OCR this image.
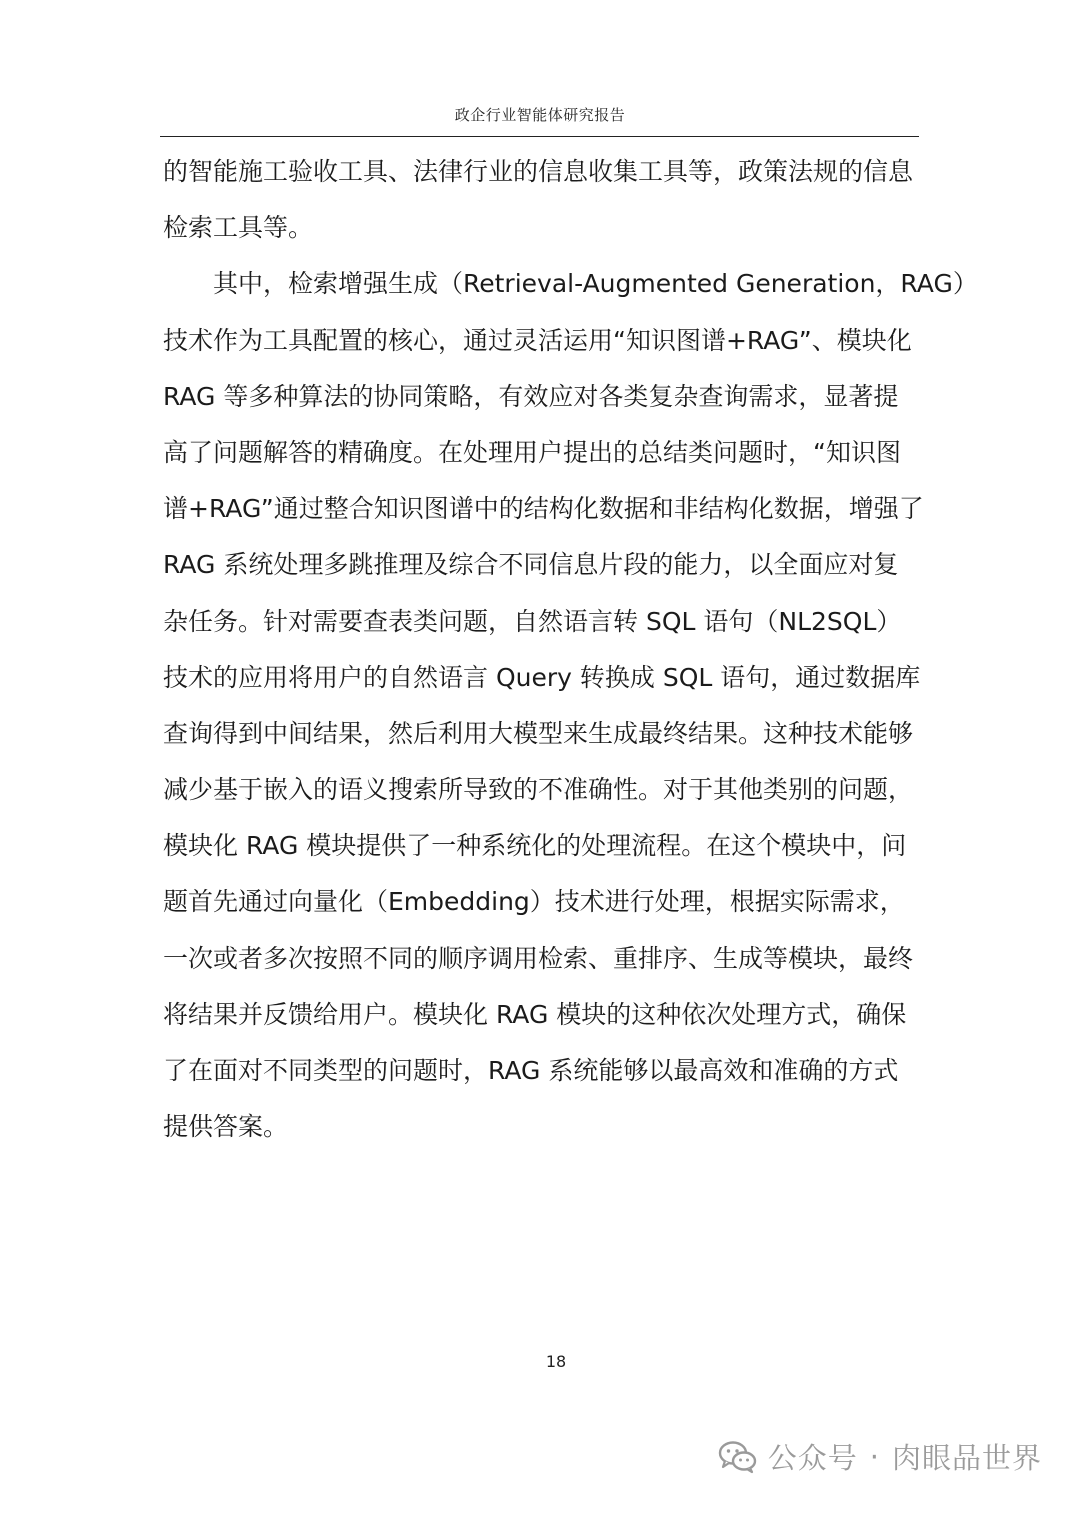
政企行业智能体研究报告
的智能施工验收工具、法律行业的信息收集工具等，政策法规的信息
检索工具等。
其中，检索增强生成（Retrieval-Augmented Generation，RAG）
技术作为工具配置的核心，通过灵活运用“知识图谱+RAG”、模块化
RAG 等多种算法的协同策略，有效应对各类复杂查询需求，显著提
高了问题解答的精确度。在处理用户提出的总结类问题时，“知识图
谱+RAG”通过整合知识图谱中的结构化数据和非结构化数据，增强了
RAG 系统处理多跳推理及综合不同信息片段的能力，以全面应对复
杂任务。针对需要查表类问题，自然语言转 SQL 语句（NL2SQL）
技术的应用将用户的自然语言 Query 转换成 SQL 语句，通过数据库
查询得到中间结果，然后利用大模型来生成最终结果。这种技术能够
减少基于嵌入的语义搜索所导致的不准确性。对于其他类别的问题，
模块化 RAG 模块提供了一种系统化的处理流程。在这个模块中，问
题首先通过向量化（Embedding）技术进行处理，根据实际需求，
一次或者多次按照不同的顺序调用检索、重排序、生成等模块，最终
将结果并反馈给用户。模块化 RAG 模块的这种依次处理方式，确保
了在面对不同类型的问题时，RAG 系统能够以最高效和准确的方式
提供答案。
18
公众号 · 肉眼品世界
